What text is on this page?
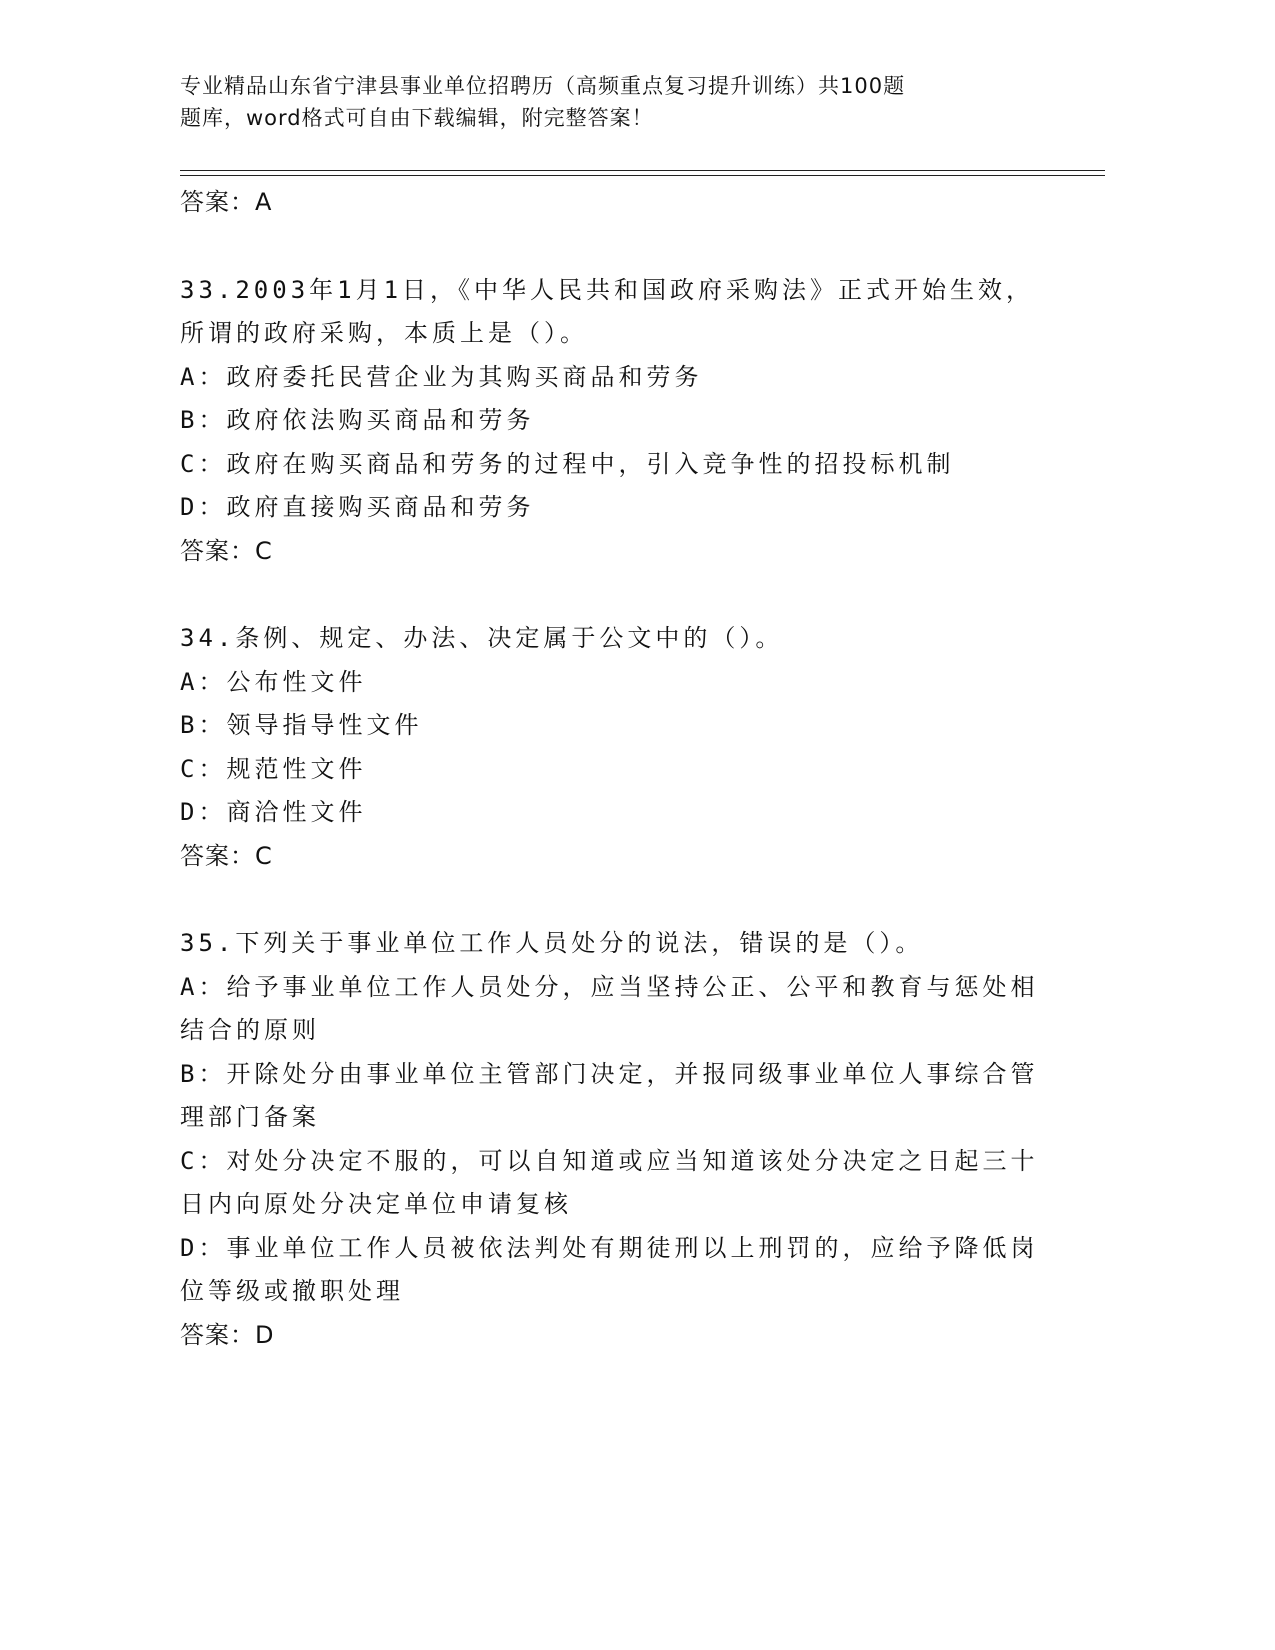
专业精品山东省宁津县事业单位招聘历（高频重点复习提升训练）共100题
题库，word格式可自由下载编辑，附完整答案！
答案：A
33.2003年1月1日，《中华人民共和国政府采购法》正式开始生效，
所谓的政府采购，本质上是（）。
A：政府委托民营企业为其购买商品和劳务
B：政府依法购买商品和劳务
C：政府在购买商品和劳务的过程中，引入竞争性的招投标机制
D：政府直接购买商品和劳务
答案：C
34.条例、规定、办法、决定属于公文中的（）。
A：公布性文件
B：领导指导性文件
C：规范性文件
D：商洽性文件
答案：C
35.下列关于事业单位工作人员处分的说法，错误的是（）。
A：给予事业单位工作人员处分，应当坚持公正、公平和教育与惩处相
结合的原则
B：开除处分由事业单位主管部门决定，并报同级事业单位人事综合管
理部门备案
C：对处分决定不服的，可以自知道或应当知道该处分决定之日起三十
日内向原处分决定单位申请复核
D：事业单位工作人员被依法判处有期徒刑以上刑罚的，应给予降低岗
位等级或撤职处理
答案：D
